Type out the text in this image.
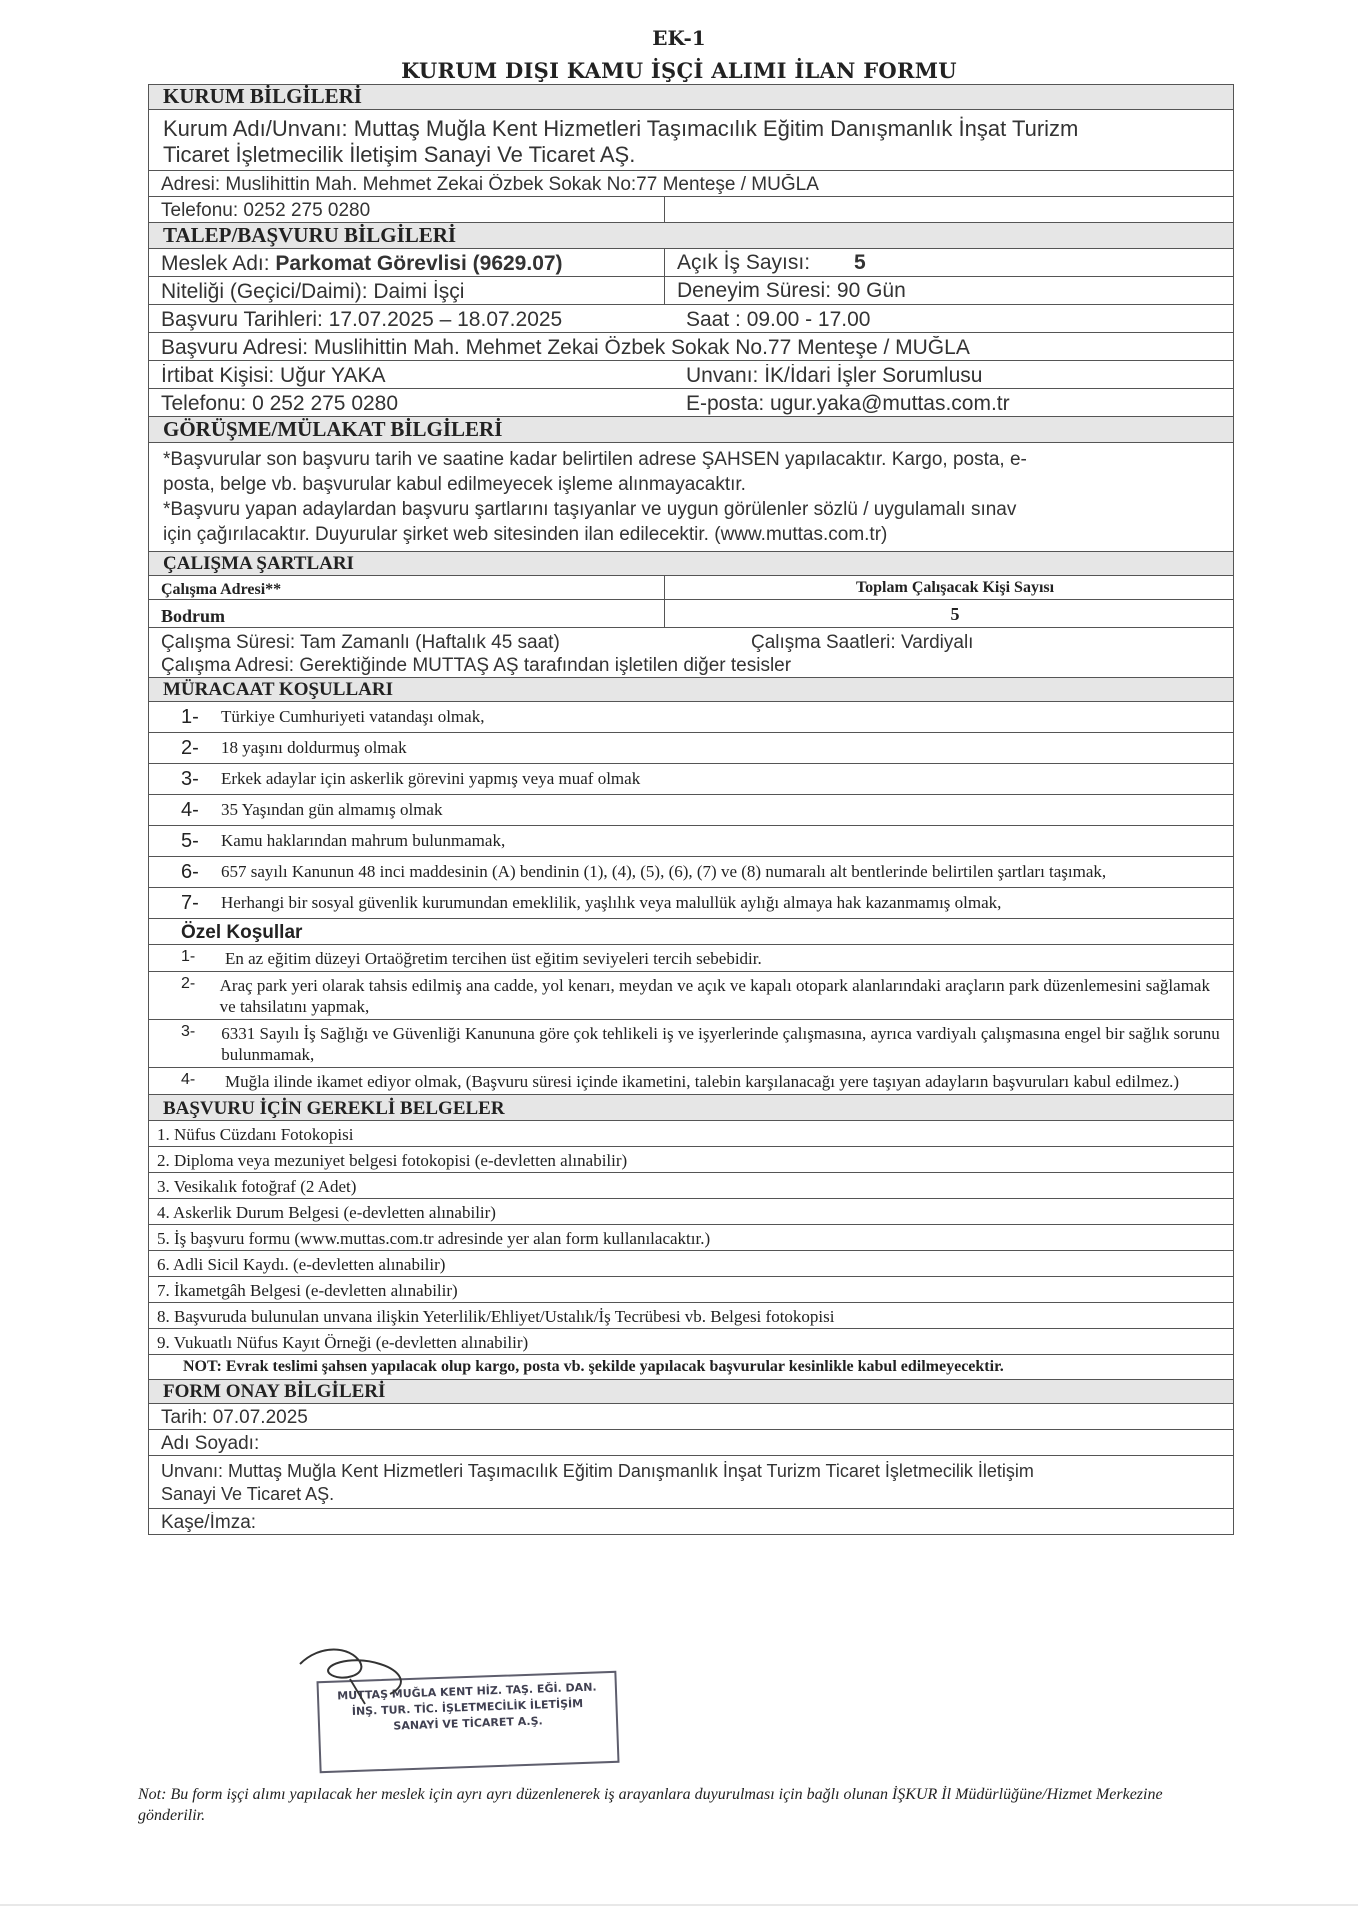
EK-1
KURUM DIŞI KAMU İŞÇİ ALIMI İLAN FORMU
KURUM BİLGİLERİ
Kurum Adı/Unvanı: Muttaş Muğla Kent Hizmetleri Taşımacılık Eğitim Danışmanlık İnşat Turizm
Ticaret İşletmecilik İletişim Sanayi Ve Ticaret AŞ.
Adresi: Muslihittin Mah. Mehmet Zekai Özbek Sokak No:77 Menteşe / MUĞLA
Telefonu: 0252 275 0280
TALEP/BAŞVURU BİLGİLERİ
Meslek Adı: Parkomat Görevlisi (9629.07)	Açık İş Sayısı: 5
Niteliği (Geçici/Daimi): Daimi İşçi	Deneyim Süresi: 90 Gün
Başvuru Tarihleri: 17.07.2025 – 18.07.2025	Saat : 09.00 - 17.00
Başvuru Adresi: Muslihittin Mah. Mehmet Zekai Özbek Sokak No.77 Menteşe / MUĞLA
İrtibat Kişisi: Uğur YAKA	Unvanı: İK/İdari İşler Sorumlusu
Telefonu: 0 252 275 0280	E-posta: ugur.yaka@muttas.com.tr
GÖRÜŞME/MÜLAKAT BİLGİLERİ
*Başvurular son başvuru tarih ve saatine kadar belirtilen adrese ŞAHSEN yapılacaktır. Kargo, posta, e-
posta, belge vb. başvurular kabul edilmeyecek işleme alınmayacaktır.
*Başvuru yapan adaylardan başvuru şartlarını taşıyanlar ve uygun görülenler sözlü / uygulamalı sınav
için çağırılacaktır. Duyurular şirket web sitesinden ilan edilecektir. (www.muttas.com.tr)
ÇALIŞMA ŞARTLARI
Çalışma Adresi**	Toplam Çalışacak Kişi Sayısı
Bodrum	5
Çalışma Süresi: Tam Zamanlı (Haftalık 45 saat)	Çalışma Saatleri: Vardiyalı
Çalışma Adresi: Gerektiğinde MUTTAŞ AŞ tarafından işletilen diğer tesisler
MÜRACAAT KOŞULLARI
1-	Türkiye Cumhuriyeti vatandaşı olmak,
2-	18 yaşını doldurmuş olmak
3-	Erkek adaylar için askerlik görevini yapmış veya muaf olmak
4-	35 Yaşından gün almamış olmak
5-	Kamu haklarından mahrum bulunmamak,
6-	657 sayılı Kanunun 48 inci maddesinin (A) bendinin (1), (4), (5), (6), (7) ve (8) numaralı alt bentlerinde belirtilen şartları taşımak,
7-	Herhangi bir sosyal güvenlik kurumundan emeklilik, yaşlılık veya malullük aylığı almaya hak kazanmamış olmak,
Özel Koşullar
1-	En az eğitim düzeyi Ortaöğretim tercihen üst eğitim seviyeleri tercih sebebidir.
2-	Araç park yeri olarak tahsis edilmiş ana cadde, yol kenarı, meydan ve açık ve kapalı otopark alanlarındaki araçların park düzenlemesini sağlamak ve tahsilatını yapmak,
3-	6331 Sayılı İş Sağlığı ve Güvenliği Kanununa göre çok tehlikeli iş ve işyerlerinde çalışmasına, ayrıca vardiyalı çalışmasına engel bir sağlık sorunu bulunmamak,
4-	Muğla ilinde ikamet ediyor olmak, (Başvuru süresi içinde ikametini, talebin karşılanacağı yere taşıyan adayların başvuruları kabul edilmez.)
BAŞVURU İÇİN GEREKLİ BELGELER
1. Nüfus Cüzdanı Fotokopisi
2. Diploma veya mezuniyet belgesi fotokopisi (e-devletten alınabilir)
3. Vesikalık fotoğraf (2 Adet)
4. Askerlik Durum Belgesi (e-devletten alınabilir)
5. İş başvuru formu (www.muttas.com.tr adresinde yer alan form kullanılacaktır.)
6. Adli Sicil Kaydı. (e-devletten alınabilir)
7. İkametgâh Belgesi (e-devletten alınabilir)
8. Başvuruda bulunulan unvana ilişkin Yeterlilik/Ehliyet/Ustalık/İş Tecrübesi vb. Belgesi fotokopisi
9. Vukuatlı Nüfus Kayıt Örneği (e-devletten alınabilir)
NOT: Evrak teslimi şahsen yapılacak olup kargo, posta vb. şekilde yapılacak başvurular kesinlikle kabul edilmeyecektir.
FORM ONAY BİLGİLERİ
Tarih: 07.07.2025
Adı Soyadı:
Unvanı: Muttaş Muğla Kent Hizmetleri Taşımacılık Eğitim Danışmanlık İnşat Turizm Ticaret İşletmecilik İletişim
Sanayi Ve Ticaret AŞ.
Kaşe/İmza:
MUTTAŞ MUĞLA KENT HİZ. TAŞ. EĞİ. DAN.
İNŞ. TUR. TİC. İŞLETMECİLİK İLETİŞİM
SANAYİ VE TİCARET A.Ş.
Not: Bu form işçi alımı yapılacak her meslek için ayrı ayrı düzenlenerek iş arayanlara duyurulması için bağlı olunan İŞKUR İl Müdürlüğüne/Hizmet Merkezine gönderilir.
